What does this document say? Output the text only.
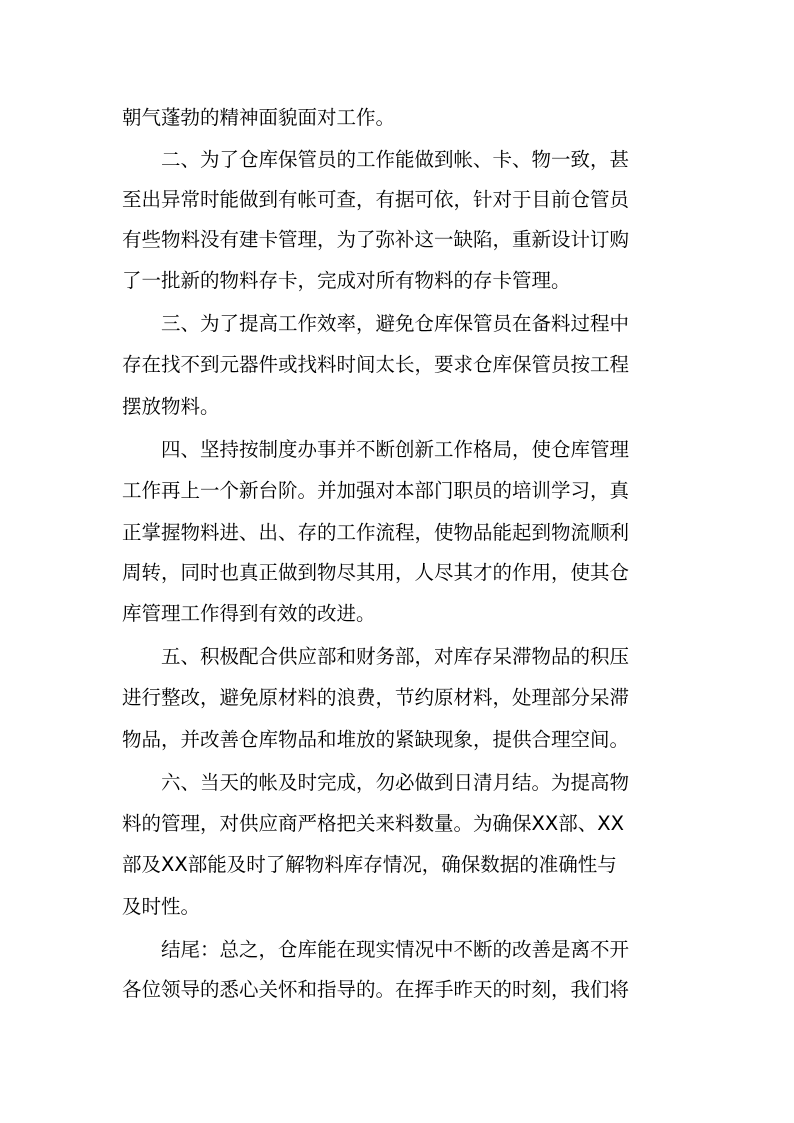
朝气蓬勃的精神面貌面对工作。
二、为了仓库保管员的工作能做到帐、卡、物一致，甚
至出异常时能做到有帐可查，有据可依，针对于目前仓管员
有些物料没有建卡管理，为了弥补这一缺陷，重新设计订购
了一批新的物料存卡，完成对所有物料的存卡管理。
三、为了提高工作效率，避免仓库保管员在备料过程中
存在找不到元器件或找料时间太长，要求仓库保管员按工程
摆放物料。
四、坚持按制度办事并不断创新工作格局，使仓库管理
工作再上一个新台阶。并加强对本部门职员的培训学习，真
正掌握物料进、出、存的工作流程，使物品能起到物流顺利
周转，同时也真正做到物尽其用，人尽其才的作用，使其仓
库管理工作得到有效的改进。
五、积极配合供应部和财务部，对库存呆滞物品的积压
进行整改，避免原材料的浪费，节约原材料，处理部分呆滞
物品，并改善仓库物品和堆放的紧缺现象，提供合理空间。
六、当天的帐及时完成，勿必做到日清月结。为提高物
料的管理，对供应商严格把关来料数量。为确保XX部、XX
部及XX部能及时了解物料库存情况，确保数据的准确性与
及时性。
结尾：总之，仓库能在现实情况中不断的改善是离不开
各位领导的悉心关怀和指导的。在挥手昨天的时刻，我们将
